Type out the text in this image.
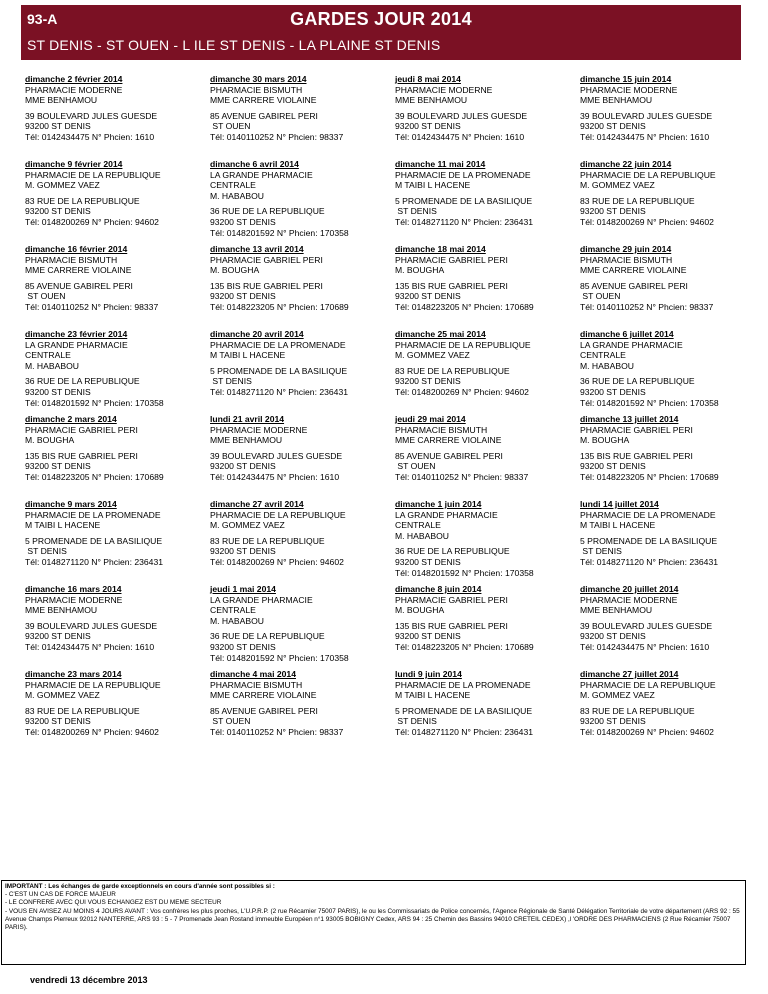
93-A	GARDES JOUR 2014
ST DENIS - ST OUEN - L ILE ST DENIS - LA PLAINE ST DENIS
dimanche 2 février 2014
PHARMACIE MODERNE
MME BENHAMOU
39 BOULEVARD JULES GUESDE
93200 ST DENIS
Tél: 0142434475 N° Phcien: 1610
dimanche 30 mars 2014
PHARMACIE BISMUTH
MME CARRERE VIOLAINE
85 AVENUE GABIREL PERI
ST OUEN
Tél: 0140110252 N° Phcien: 98337
jeudi 8 mai 2014
PHARMACIE MODERNE
MME BENHAMOU
39 BOULEVARD JULES GUESDE
93200 ST DENIS
Tél: 0142434475 N° Phcien: 1610
dimanche 15 juin 2014
PHARMACIE MODERNE
MME BENHAMOU
39 BOULEVARD JULES GUESDE
93200 ST DENIS
Tél: 0142434475 N° Phcien: 1610
dimanche 9 février 2014
PHARMACIE DE LA REPUBLIQUE
M. GOMMEZ VAEZ
83 RUE DE LA REPUBLIQUE
93200 ST DENIS
Tél: 0148200269 N° Phcien: 94602
dimanche 6 avril 2014
LA GRANDE PHARMACIE
CENTRALE
M. HABABOU
36 RUE DE LA REPUBLIQUE
93200 ST DENIS
Tél: 0148201592 N° Phcien: 170358
dimanche 11 mai 2014
PHARMACIE DE LA PROMENADE
M TAIBI L HACENE
5 PROMENADE DE LA BASILIQUE
ST DENIS
Tél: 0148271120 N° Phcien: 236431
dimanche 22 juin 2014
PHARMACIE DE LA REPUBLIQUE
M. GOMMEZ VAEZ
83 RUE DE LA REPUBLIQUE
93200 ST DENIS
Tél: 0148200269 N° Phcien: 94602
dimanche 16 février 2014
PHARMACIE BISMUTH
MME CARRERE VIOLAINE
85 AVENUE GABIREL PERI
ST OUEN
Tél: 0140110252 N° Phcien: 98337
dimanche 13 avril 2014
PHARMACIE GABRIEL PERI
M. BOUGHA
135 BIS RUE GABRIEL PERI
93200 ST DENIS
Tél: 0148223205 N° Phcien: 170689
dimanche 18 mai 2014
PHARMACIE GABRIEL PERI
M. BOUGHA
135 BIS RUE GABRIEL PERI
93200 ST DENIS
Tél: 0148223205 N° Phcien: 170689
dimanche 29 juin 2014
PHARMACIE BISMUTH
MME CARRERE VIOLAINE
85 AVENUE GABIREL PERI
ST OUEN
Tél: 0140110252 N° Phcien: 98337
dimanche 23 février 2014
LA GRANDE PHARMACIE
CENTRALE
M. HABABOU
36 RUE DE LA REPUBLIQUE
93200 ST DENIS
Tél: 0148201592 N° Phcien: 170358
dimanche 20 avril 2014
PHARMACIE DE LA PROMENADE
M TAIBI L HACENE
5 PROMENADE DE LA BASILIQUE
ST DENIS
Tél: 0148271120 N° Phcien: 236431
dimanche 25 mai 2014
PHARMACIE DE LA REPUBLIQUE
M. GOMMEZ VAEZ
83 RUE DE LA REPUBLIQUE
93200 ST DENIS
Tél: 0148200269 N° Phcien: 94602
dimanche 6 juillet 2014
LA GRANDE PHARMACIE
CENTRALE
M. HABABOU
36 RUE DE LA REPUBLIQUE
93200 ST DENIS
Tél: 0148201592 N° Phcien: 170358
dimanche 2 mars 2014
PHARMACIE GABRIEL PERI
M. BOUGHA
135 BIS RUE GABRIEL PERI
93200 ST DENIS
Tél: 0148223205 N° Phcien: 170689
lundi 21 avril 2014
PHARMACIE MODERNE
MME BENHAMOU
39 BOULEVARD JULES GUESDE
93200 ST DENIS
Tél: 0142434475 N° Phcien: 1610
jeudi 29 mai 2014
PHARMACIE BISMUTH
MME CARRERE VIOLAINE
85 AVENUE GABIREL PERI
ST OUEN
Tél: 0140110252 N° Phcien: 98337
dimanche 13 juillet 2014
PHARMACIE GABRIEL PERI
M. BOUGHA
135 BIS RUE GABRIEL PERI
93200 ST DENIS
Tél: 0148223205 N° Phcien: 170689
dimanche 9 mars 2014
PHARMACIE DE LA PROMENADE
M TAIBI L HACENE
5 PROMENADE DE LA BASILIQUE
ST DENIS
Tél: 0148271120 N° Phcien: 236431
dimanche 27 avril 2014
PHARMACIE DE LA REPUBLIQUE
M. GOMMEZ VAEZ
83 RUE DE LA REPUBLIQUE
93200 ST DENIS
Tél: 0148200269 N° Phcien: 94602
dimanche 1 juin 2014
LA GRANDE PHARMACIE
CENTRALE
M. HABABOU
36 RUE DE LA REPUBLIQUE
93200 ST DENIS
Tél: 0148201592 N° Phcien: 170358
lundi 14 juillet 2014
PHARMACIE DE LA PROMENADE
M TAIBI L HACENE
5 PROMENADE DE LA BASILIQUE
ST DENIS
Tél: 0148271120 N° Phcien: 236431
dimanche 16 mars 2014
PHARMACIE MODERNE
MME BENHAMOU
39 BOULEVARD JULES GUESDE
93200 ST DENIS
Tél: 0142434475 N° Phcien: 1610
jeudi 1 mai 2014
LA GRANDE PHARMACIE
CENTRALE
M. HABABOU
36 RUE DE LA REPUBLIQUE
93200 ST DENIS
Tél: 0148201592 N° Phcien: 170358
dimanche 8 juin 2014
PHARMACIE GABRIEL PERI
M. BOUGHA
135 BIS RUE GABRIEL PERI
93200 ST DENIS
Tél: 0148223205 N° Phcien: 170689
dimanche 20 juillet 2014
PHARMACIE MODERNE
MME BENHAMOU
39 BOULEVARD JULES GUESDE
93200 ST DENIS
Tél: 0142434475 N° Phcien: 1610
dimanche 23 mars 2014
PHARMACIE DE LA REPUBLIQUE
M. GOMMEZ VAEZ
83 RUE DE LA REPUBLIQUE
93200 ST DENIS
Tél: 0148200269 N° Phcien: 94602
dimanche 4 mai 2014
PHARMACIE BISMUTH
MME CARRERE VIOLAINE
85 AVENUE GABIREL PERI
ST OUEN
Tél: 0140110252 N° Phcien: 98337
lundi 9 juin 2014
PHARMACIE DE LA PROMENADE
M TAIBI L HACENE
5 PROMENADE DE LA BASILIQUE
ST DENIS
Tél: 0148271120 N° Phcien: 236431
dimanche 27 juillet 2014
PHARMACIE DE LA REPUBLIQUE
M. GOMMEZ VAEZ
83 RUE DE LA REPUBLIQUE
93200 ST DENIS
Tél: 0148200269 N° Phcien: 94602
IMPORTANT : Les échanges de garde exceptionnels en cours d'année sont possibles si :
- C'EST UN CAS DE FORCE MAJEUR
- LE CONFRERE AVEC QUI VOUS ECHANGEZ EST DU MEME SECTEUR
- VOUS EN AVISEZ AU MOINS 4 JOURS AVANT : Vos confrères les plus proches, L'U.P.R.P. (2 rue Récamier 75007 PARIS), le ou les Commissariats de Police concernés, l'Agence Régionale de Santé Délégation Territoriale de votre département (ARS 92 : 55 Avenue Champs Pierreux 92012 NANTERRE, ARS 93 : 5 - 7 Promenade Jean Rostand immeuble Européen n°1 93005 BOBIGNY Cedex, ARS 94 : 25 Chemin des Bassins 94010 CRETEIL CEDEX) ,l 'ORDRE DES PHARMACIENS (2 Rue Récamier 75007 PARIS).
vendredi 13 décembre 2013
